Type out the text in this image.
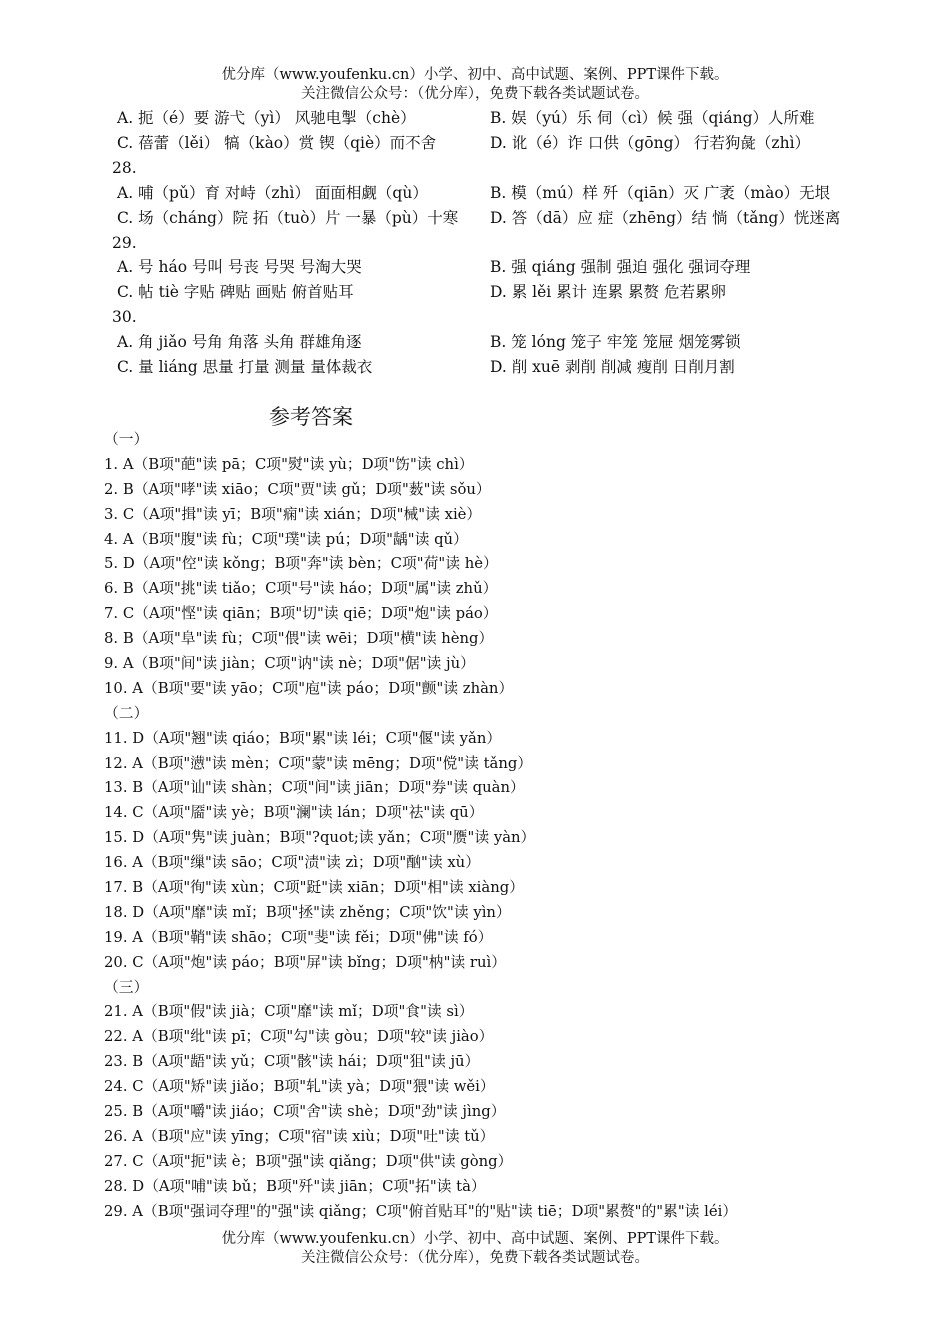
优分库（www.youfenku.cn）小学、初中、高中试题、案例、PPT课件下载。
关注微信公众号：（优分库），免费下载各类试题试卷。
A. 扼（é）要 游弋（yì） 风驰电掣（chè）	B. 娱（yú）乐 伺（cì）候 强（qiáng）人所难
C. 蓓蕾（lěi） 犒（kào）赏 锲（qiè）而不舍	D. 讹（é）诈 口供（gōng） 行若狗彘（zhì）
28.
A. 哺（pǔ）育 对峙（zhì） 面面相觑（qù）	B. 模（mú）样 歼（qiān）灭 广袤（mào）无垠
C. 场（cháng）院 拓（tuò）片 一暴（pù）十寒 D. 答（dā）应 症（zhēng）结 惝（tǎng）恍迷离
29.
A. 号 háo 号叫 号丧 号哭 号淘大哭	B. 强 qiáng 强制 强迫 强化 强词夺理
C. 帖 tiè 字贴 碑贴 画贴 俯首贴耳	D. 累 lěi 累计 连累 累赘 危若累卵
30.
A. 角 jiǎo 号角 角落 头角 群雄角逐	B. 笼 lóng 笼子 牢笼 笼屉 烟笼雾锁
C. 量 liáng 思量 打量 测量 量体裁衣	D. 削 xuē 剥削 削减 瘦削 日削月割
参考答案
（一）
1. A（B项"葩"读 pā；C项"熨"读 yù；D项"饬"读 chì）
2. B（A项"哮"读 xiāo；C项"贾"读 gǔ；D项"薮"读 sǒu）
3. C（A项"揖"读 yī；B项"痫"读 xián；D项"械"读 xiè）
4. A（B项"腹"读 fù；C项"璞"读 pú；D项"龋"读 qǔ）
5. D（A项"倥"读 kǒng；B项"奔"读 bèn；C项"荷"读 hè）
6. B（A项"挑"读 tiǎo；C项"号"读 háo；D项"属"读 zhǔ）
7. C（A项"悭"读 qiān；B项"切"读 qiē；D项"炮"读 páo）
8. B（A项"阜"读 fù；C项"偎"读 wēi；D项"横"读 hèng）
9. A（B项"间"读 jiàn；C项"讷"读 nè；D项"倨"读 jù）
10. A（B项"要"读 yāo；C项"庖"读 páo；D项"颤"读 zhàn）
（二）
11. D（A项"翘"读 qiáo；B项"累"读 léi；C项"偃"读 yǎn）
12. A（B项"懑"读 mèn；C项"蒙"读 mēng；D项"傥"读 tǎng）
13. B（A项"讪"读 shàn；C项"间"读 jiān；D项"券"读 quàn）
14. C（A项"靥"读 yè；B项"澜"读 lán；D项"祛"读 qū）
15. D（A项"隽"读 juàn；B项"?quot;读 yǎn；C项"赝"读 yàn）
16. A（B项"缫"读 sāo；C项"渍"读 zì；D项"酗"读 xù）
17. B（A项"徇"读 xùn；C项"跹"读 xiān；D项"相"读 xiàng）
18. D（A项"靡"读 mǐ；B项"拯"读 zhěng；C项"饮"读 yìn）
19. A（B项"鞘"读 shāo；C项"斐"读 fěi；D项"佛"读 fó）
20. C（A项"炮"读 páo；B项"屏"读 bǐng；D项"枘"读 ruì）
（三）
21. A（B项"假"读 jià；C项"靡"读 mǐ；D项"食"读 sì）
22. A（B项"纰"读 pī；C项"勾"读 gòu；D项"较"读 jiào）
23. B（A项"龉"读 yǔ；C项"骸"读 hái；D项"狙"读 jū）
24. C（A项"矫"读 jiǎo；B项"轧"读 yà；D项"猥"读 wěi）
25. B（A项"嚼"读 jiáo；C项"舍"读 shè；D项"劲"读 jìng）
26. A（B项"应"读 yīng；C项"宿"读 xiù；D项"吐"读 tǔ）
27. C（A项"扼"读 è；B项"强"读 qiǎng；D项"供"读 gòng）
28. D（A项"哺"读 bǔ；B项"歼"读 jiān；C项"拓"读 tà）
29. A（B项"强词夺理"的"强"读 qiǎng；C项"俯首贴耳"的"贴"读 tiē；D项"累赘"的"累"读 léi）
优分库（www.youfenku.cn）小学、初中、高中试题、案例、PPT课件下载。
关注微信公众号：（优分库），免费下载各类试题试卷。
